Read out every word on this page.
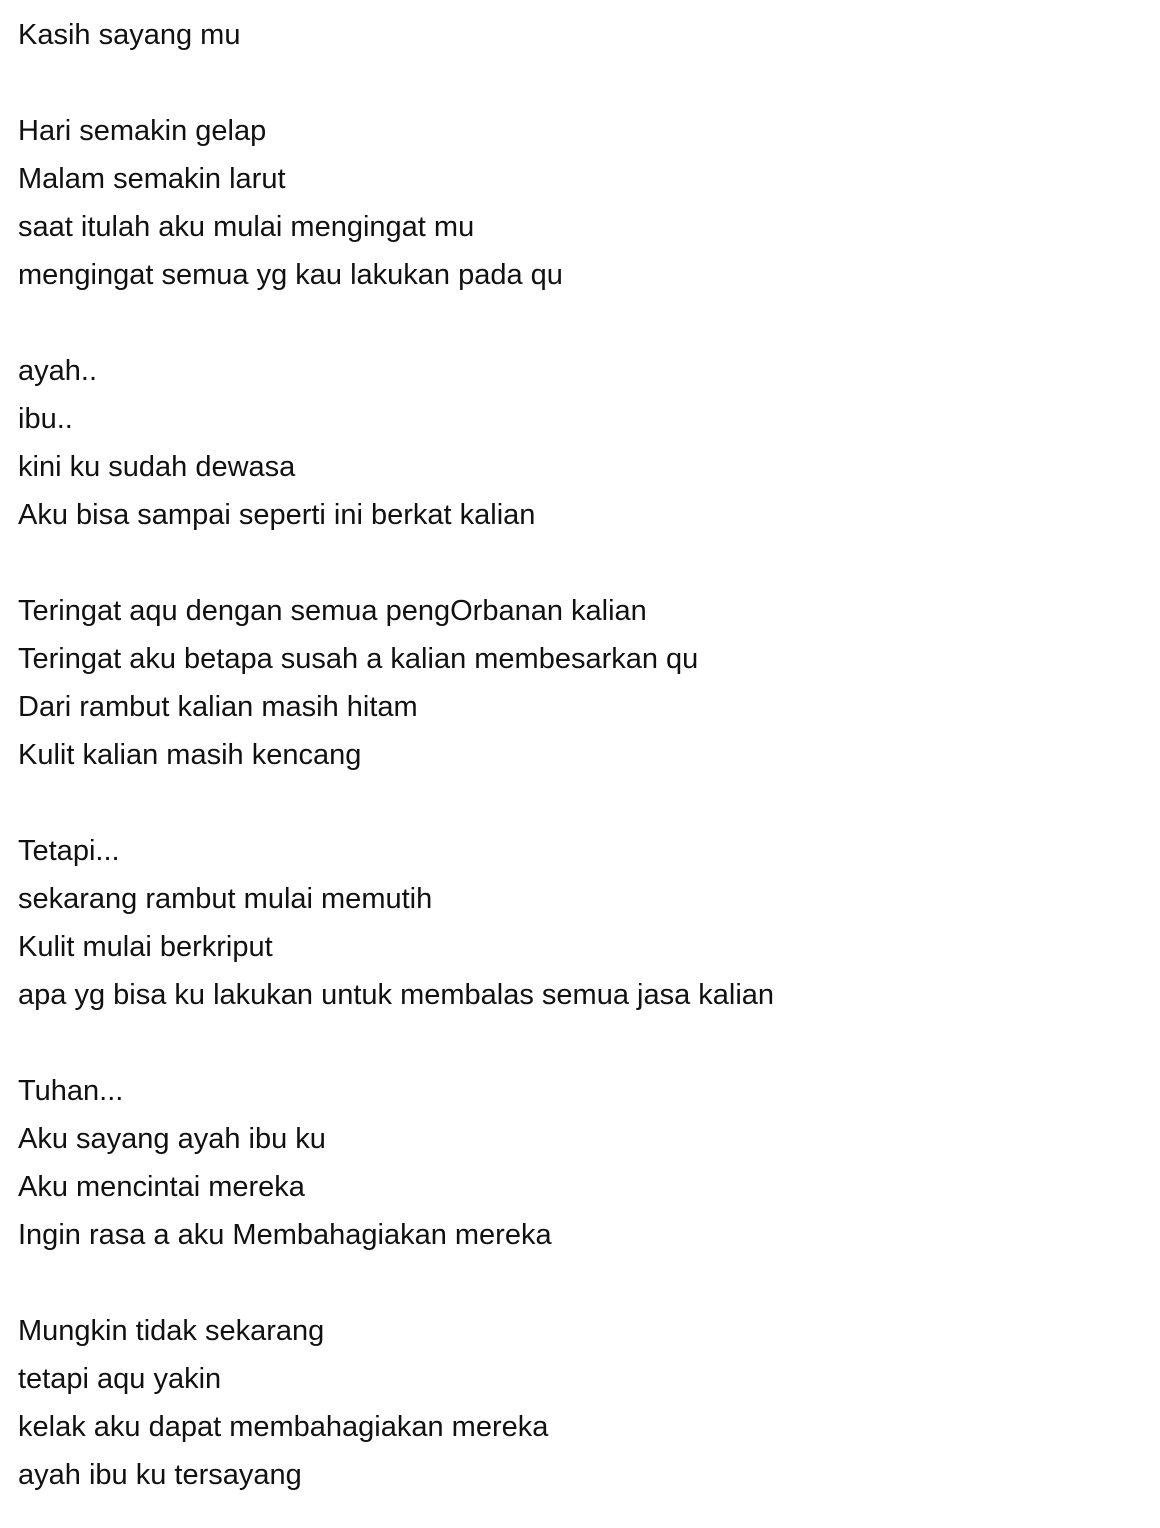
Kasih sayang mu
Hari semakin gelap
Malam semakin larut
saat itulah aku mulai mengingat mu
mengingat semua yg kau lakukan pada qu
ayah..
ibu..
kini ku sudah dewasa
Aku bisa sampai seperti ini berkat kalian
Teringat aqu dengan semua pengOrbanan kalian
Teringat aku betapa susah a kalian membesarkan qu
Dari rambut kalian masih hitam
Kulit kalian masih kencang
Tetapi...
sekarang rambut mulai memutih
Kulit mulai berkriput
apa yg bisa ku lakukan untuk membalas semua jasa kalian
Tuhan...
Aku sayang ayah ibu ku
Aku mencintai mereka
Ingin rasa a aku Membahagiakan mereka
Mungkin tidak sekarang
tetapi aqu yakin
kelak aku dapat membahagiakan mereka
ayah ibu ku tersayang
